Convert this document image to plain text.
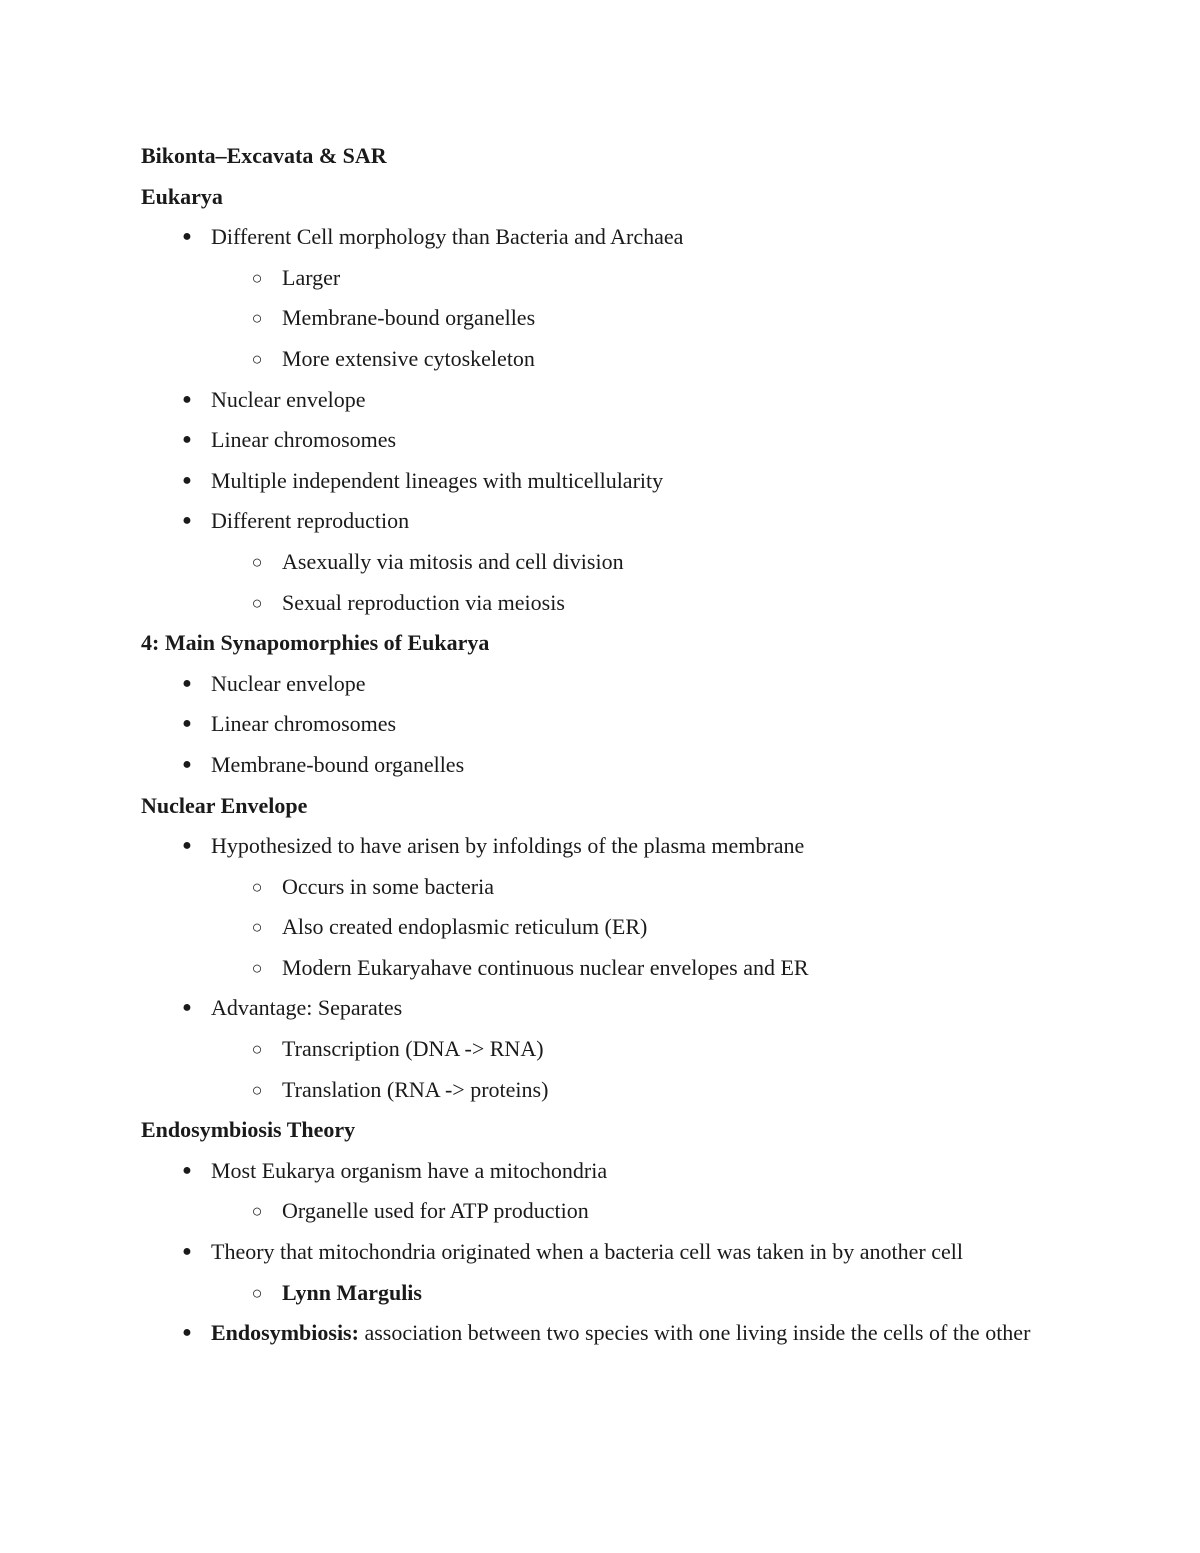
Bikonta–Excavata & SAR
Eukarya
● Different Cell morphology than Bacteria and Archaea
○ Larger
○ Membrane-bound organelles
○ More extensive cytoskeleton
● Nuclear envelope
● Linear chromosomes
● Multiple independent lineages with multicellularity
● Different reproduction
○ Asexually via mitosis and cell division
○ Sexual reproduction via meiosis
4: Main Synapomorphies of Eukarya
● Nuclear envelope
● Linear chromosomes
● Membrane-bound organelles
Nuclear Envelope
● Hypothesized to have arisen by infoldings of the plasma membrane
○ Occurs in some bacteria
○ Also created endoplasmic reticulum (ER)
○ Modern Eukaryahave continuous nuclear envelopes and ER
● Advantage: Separates
○ Transcription (DNA -> RNA)
○ Translation (RNA -> proteins)
Endosymbiosis Theory
● Most Eukarya organism have a mitochondria
○ Organelle used for ATP production
● Theory that mitochondria originated when a bacteria cell was taken in by another cell
○ Lynn Margulis
● Endosymbiosis: association between two species with one living inside the cells of the other
